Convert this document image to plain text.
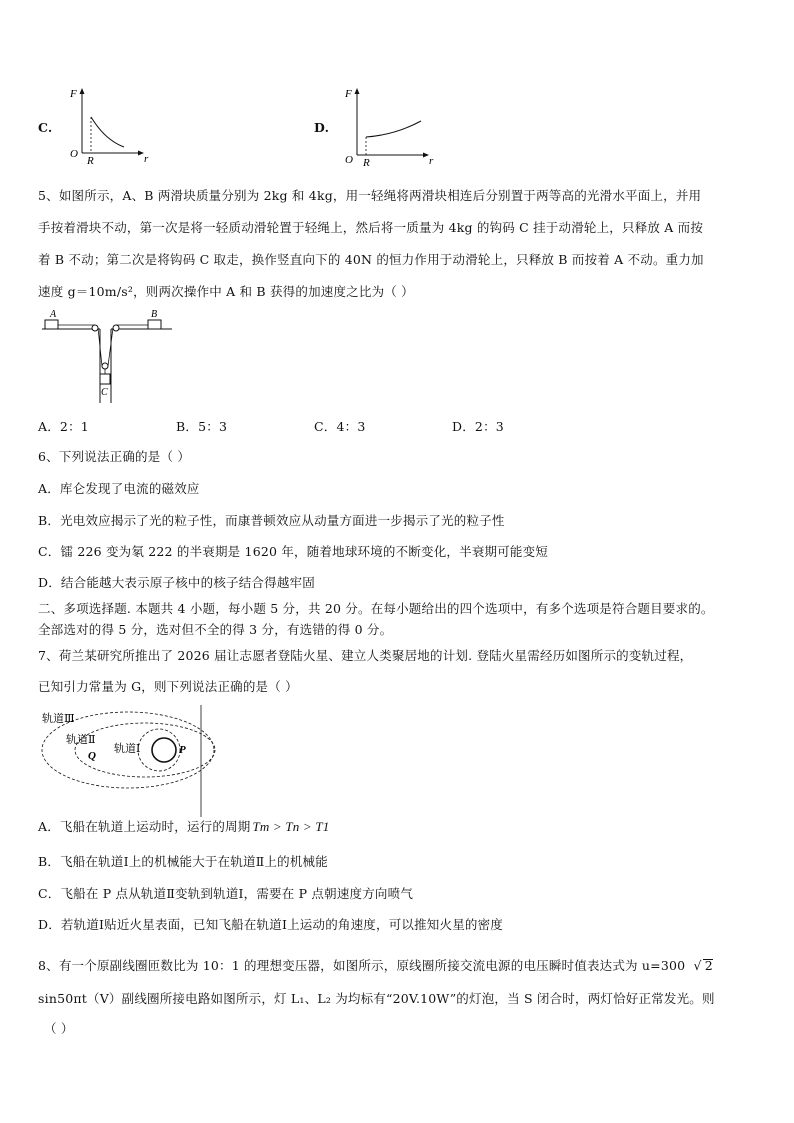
C.
F
O
R	r
D.
F
O R	r
5、如图所示，A、B 两滑块质量分别为 2kg 和 4kg，用一轻绳将两滑块相连后分别置于两等高的光滑水平面上，并用
手按着滑块不动，第一次是将一轻质动滑轮置于轻绳上，然后将一质量为 4kg 的钩码 C 挂于动滑轮上，只释放 A 而按
着 B 不动；第二次是将钩码 C 取走，换作竖直向下的 40N 的恒力作用于动滑轮上，只释放 B 而按着 A 不动。重力加
速度 g＝10m/s²，则两次操作中 A 和 B 获得的加速度之比为（ ）
A	B
C
A．2：1	B．5：3	C．4：3	D．2：3
6、下列说法正确的是（ ）
A．库仑发现了电流的磁效应
B．光电效应揭示了光的粒子性，而康普顿效应从动量方面进一步揭示了光的粒子性
C．镭 226 变为氡 222 的半衰期是 1620 年，随着地球环境的不断变化，半衰期可能变短
D．结合能越大表示原子核中的核子结合得越牢固
二、多项选择题. 本题共 4 小题，每小题 5 分，共 20 分。在每小题给出的四个选项中，有多个选项是符合题目要求的。
全部选对的得 5 分，选对但不全的得 3 分，有选错的得 0 分。
7、荷兰某研究所推出了 2026 届让志愿者登陆火星、建立人类聚居地的计划. 登陆火星需经历如图所示的变轨过程，
已知引力常量为 G，则下列说法正确的是（ ）
轨道Ⅲ
轨道Ⅱ
轨道Ⅰ
Q	P
A．飞船在轨道上运动时，运行的周期 Tm > Tn > T1
B．飞船在轨道Ⅰ上的机械能大于在轨道Ⅱ上的机械能
C．飞船在 P 点从轨道Ⅱ变轨到轨道Ⅰ，需要在 P 点朝速度方向喷气
D．若轨道Ⅰ贴近火星表面，已知飞船在轨道Ⅰ上运动的角速度，可以推知火星的密度
8、有一个原副线圈匝数比为 10：1 的理想变压器，如图所示，原线圈所接交流电源的电压瞬时值表达式为 u=300 √ 2
sin50πt（V）副线圈所接电路如图所示，灯 L₁、L₂ 为均标有“20V.10W”的灯泡，当 S 闭合时，两灯恰好正常发光。则
（ ）
